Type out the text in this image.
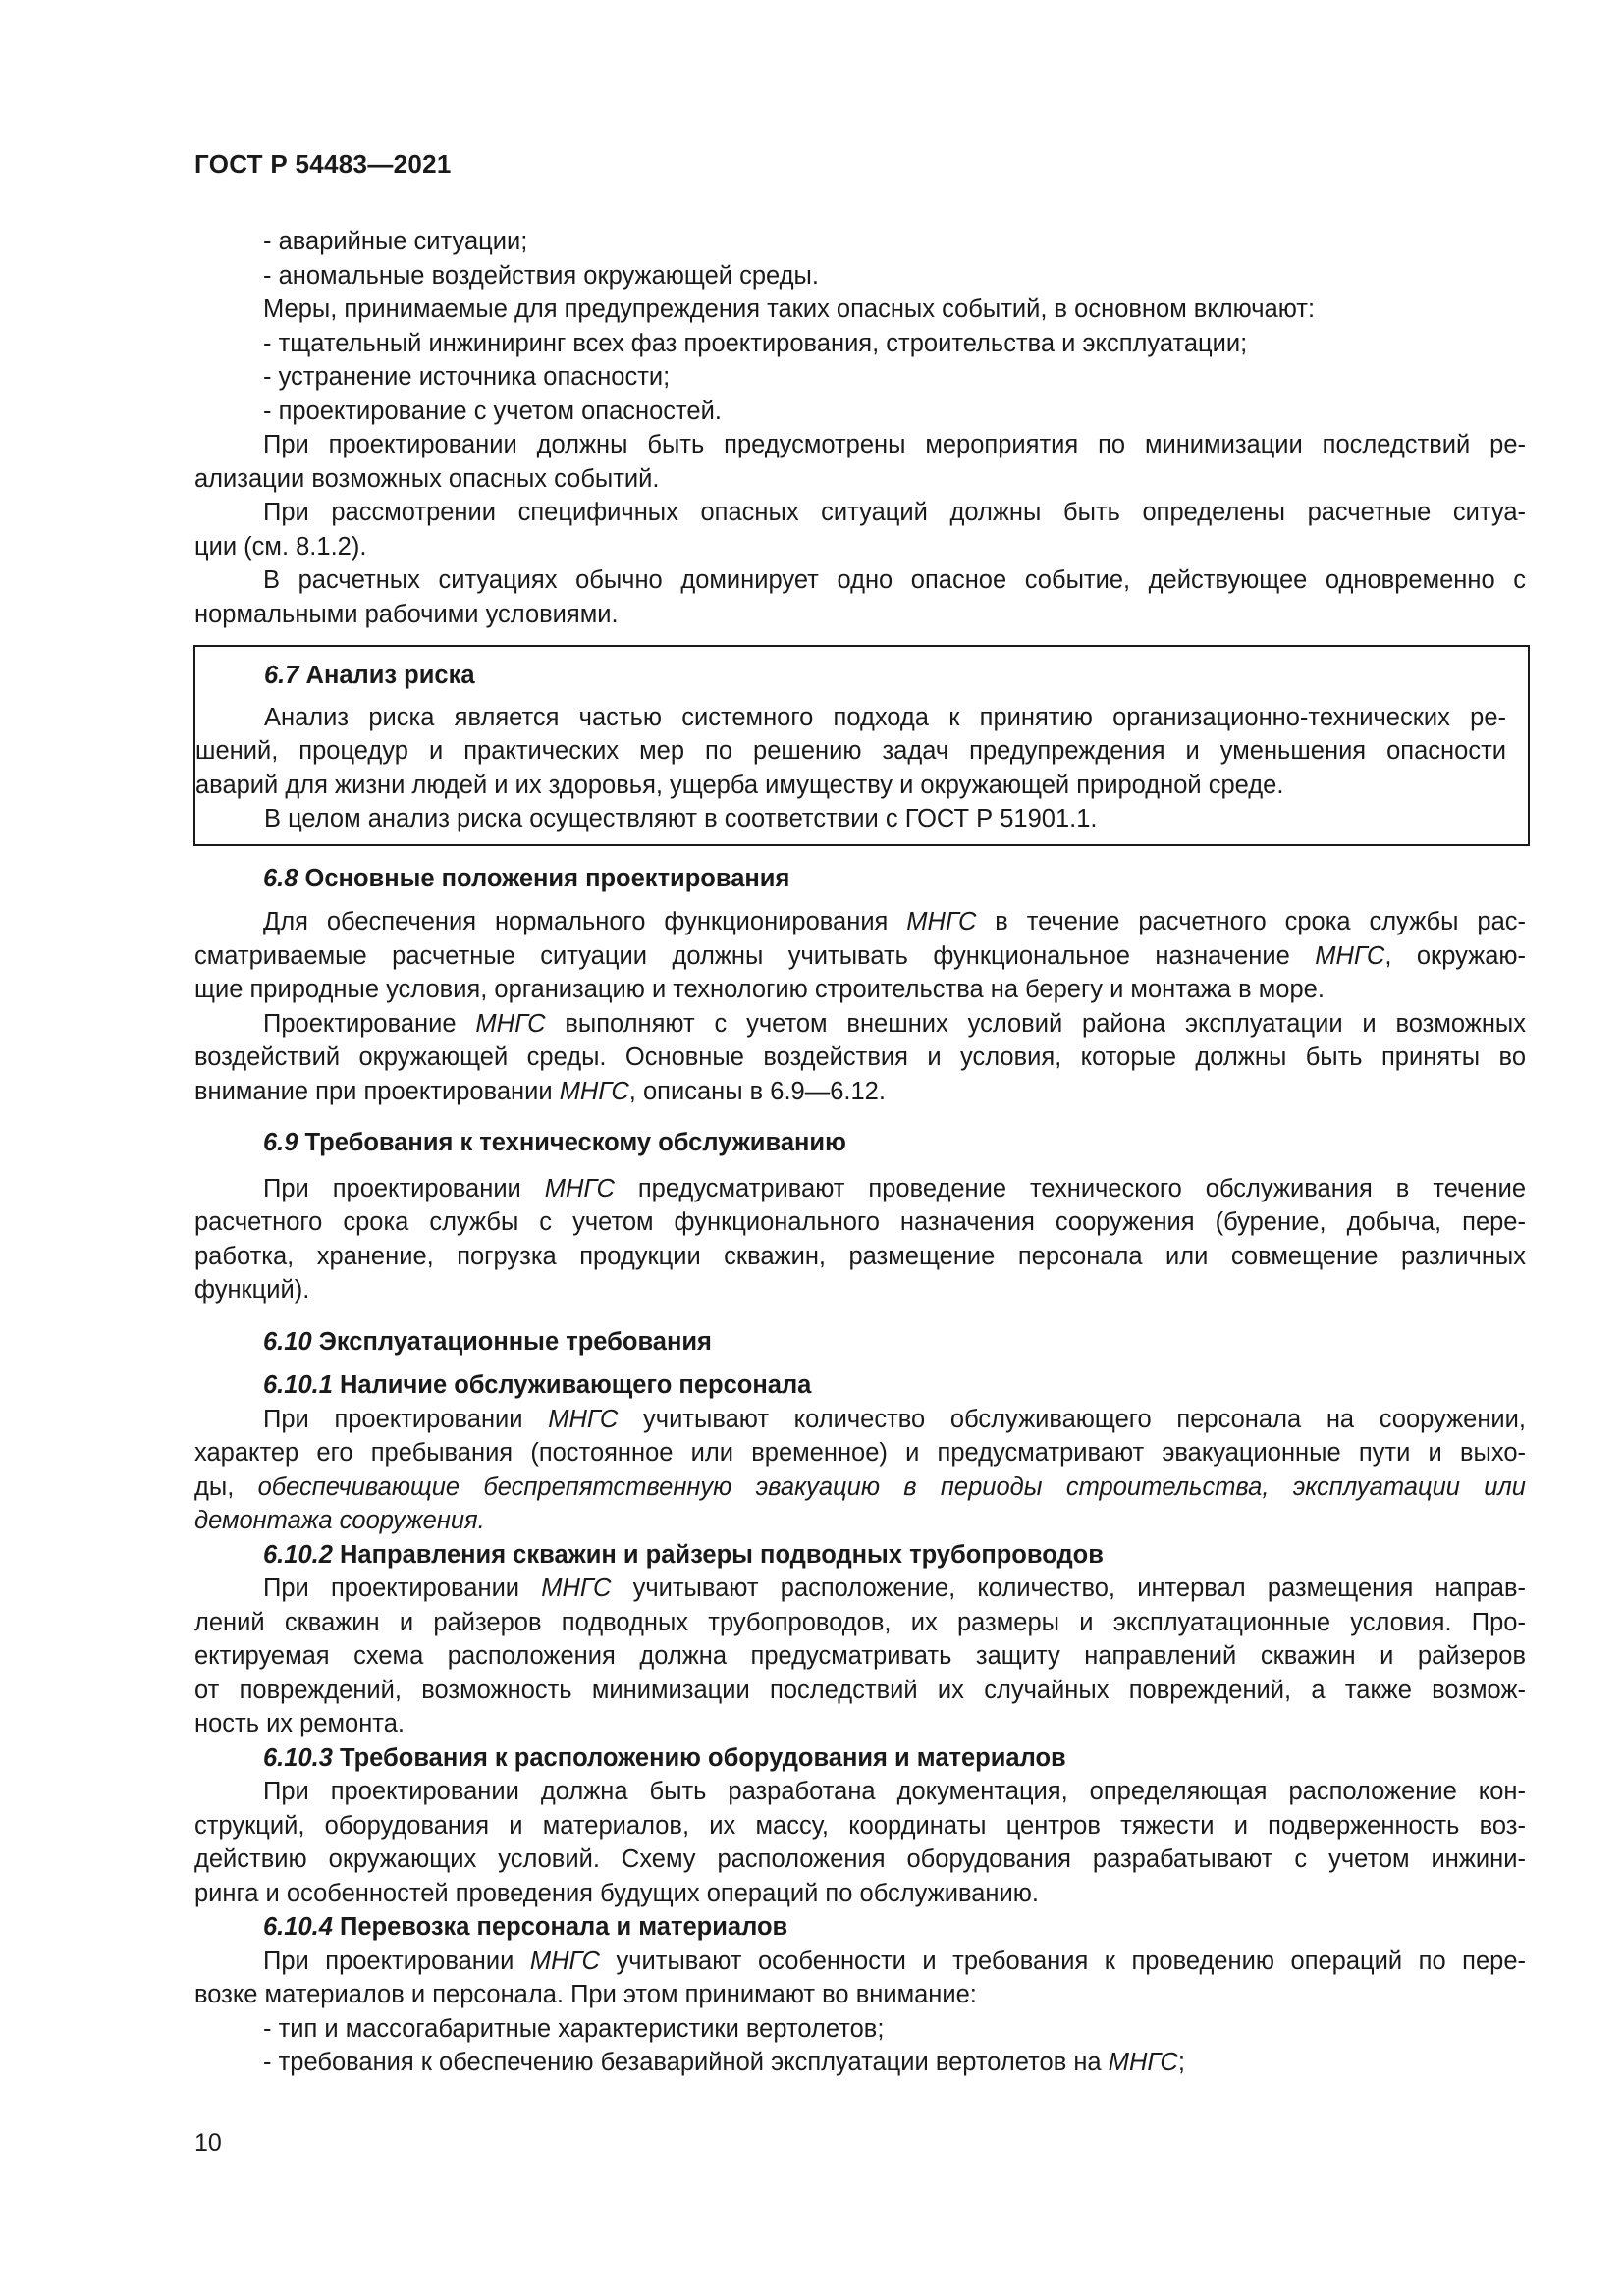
ГОСТ Р 54483—2021
- аварийные ситуации;
- аномальные воздействия окружающей среды.
Меры, принимаемые для предупреждения таких опасных событий, в основном включают:
- тщательный инжиниринг всех фаз проектирования, строительства и эксплуатации;
- устранение источника опасности;
- проектирование с учетом опасностей.
При проектировании должны быть предусмотрены мероприятия по минимизации последствий ре-
ализации возможных опасных событий.
При рассмотрении специфичных опасных ситуаций должны быть определены расчетные ситуа-
ции (см. 8.1.2).
В расчетных ситуациях обычно доминирует одно опасное событие, действующее одновременно с
нормальными рабочими условиями.
6.7 Анализ риска
Анализ риска является частью системного подхода к принятию организационно-технических ре-
шений, процедур и практических мер по решению задач предупреждения и уменьшения опасности
аварий для жизни людей и их здоровья, ущерба имуществу и окружающей природной среде.
В целом анализ риска осуществляют в соответствии с ГОСТ Р 51901.1.
6.8 Основные положения проектирования
Для обеспечения нормального функционирования МНГС в течение расчетного срока службы рас-
сматриваемые расчетные ситуации должны учитывать функциональное назначение МНГС, окружаю-
щие природные условия, организацию и технологию строительства на берегу и монтажа в море.
Проектирование МНГС выполняют с учетом внешних условий района эксплуатации и возможных
воздействий окружающей среды. Основные воздействия и условия, которые должны быть приняты во
внимание при проектировании МНГС, описаны в 6.9—6.12.
6.9 Требования к техническому обслуживанию
При проектировании МНГС предусматривают проведение технического обслуживания в течение
расчетного срока службы с учетом функционального назначения сооружения (бурение, добыча, пере-
работка, хранение, погрузка продукции скважин, размещение персонала или совмещение различных
функций).
6.10 Эксплуатационные требования
6.10.1 Наличие обслуживающего персонала
При проектировании МНГС учитывают количество обслуживающего персонала на сооружении,
характер его пребывания (постоянное или временное) и предусматривают эвакуационные пути и выхо-
ды, обеспечивающие беспрепятственную эвакуацию в периоды строительства, эксплуатации или
демонтажа сооружения.
6.10.2 Направления скважин и райзеры подводных трубопроводов
При проектировании МНГС учитывают расположение, количество, интервал размещения направ-
лений скважин и райзеров подводных трубопроводов, их размеры и эксплуатационные условия. Про-
ектируемая схема расположения должна предусматривать защиту направлений скважин и райзеров
от повреждений, возможность минимизации последствий их случайных повреждений, а также возмож-
ность их ремонта.
6.10.3 Требования к расположению оборудования и материалов
При проектировании должна быть разработана документация, определяющая расположение кон-
струкций, оборудования и материалов, их массу, координаты центров тяжести и подверженность воз-
действию окружающих условий. Схему расположения оборудования разрабатывают с учетом инжини-
ринга и особенностей проведения будущих операций по обслуживанию.
6.10.4 Перевозка персонала и материалов
При проектировании МНГС учитывают особенности и требования к проведению операций по пере-
возке материалов и персонала. При этом принимают во внимание:
- тип и массогабаритные характеристики вертолетов;
- требования к обеспечению безаварийной эксплуатации вертолетов на МНГС;
10
